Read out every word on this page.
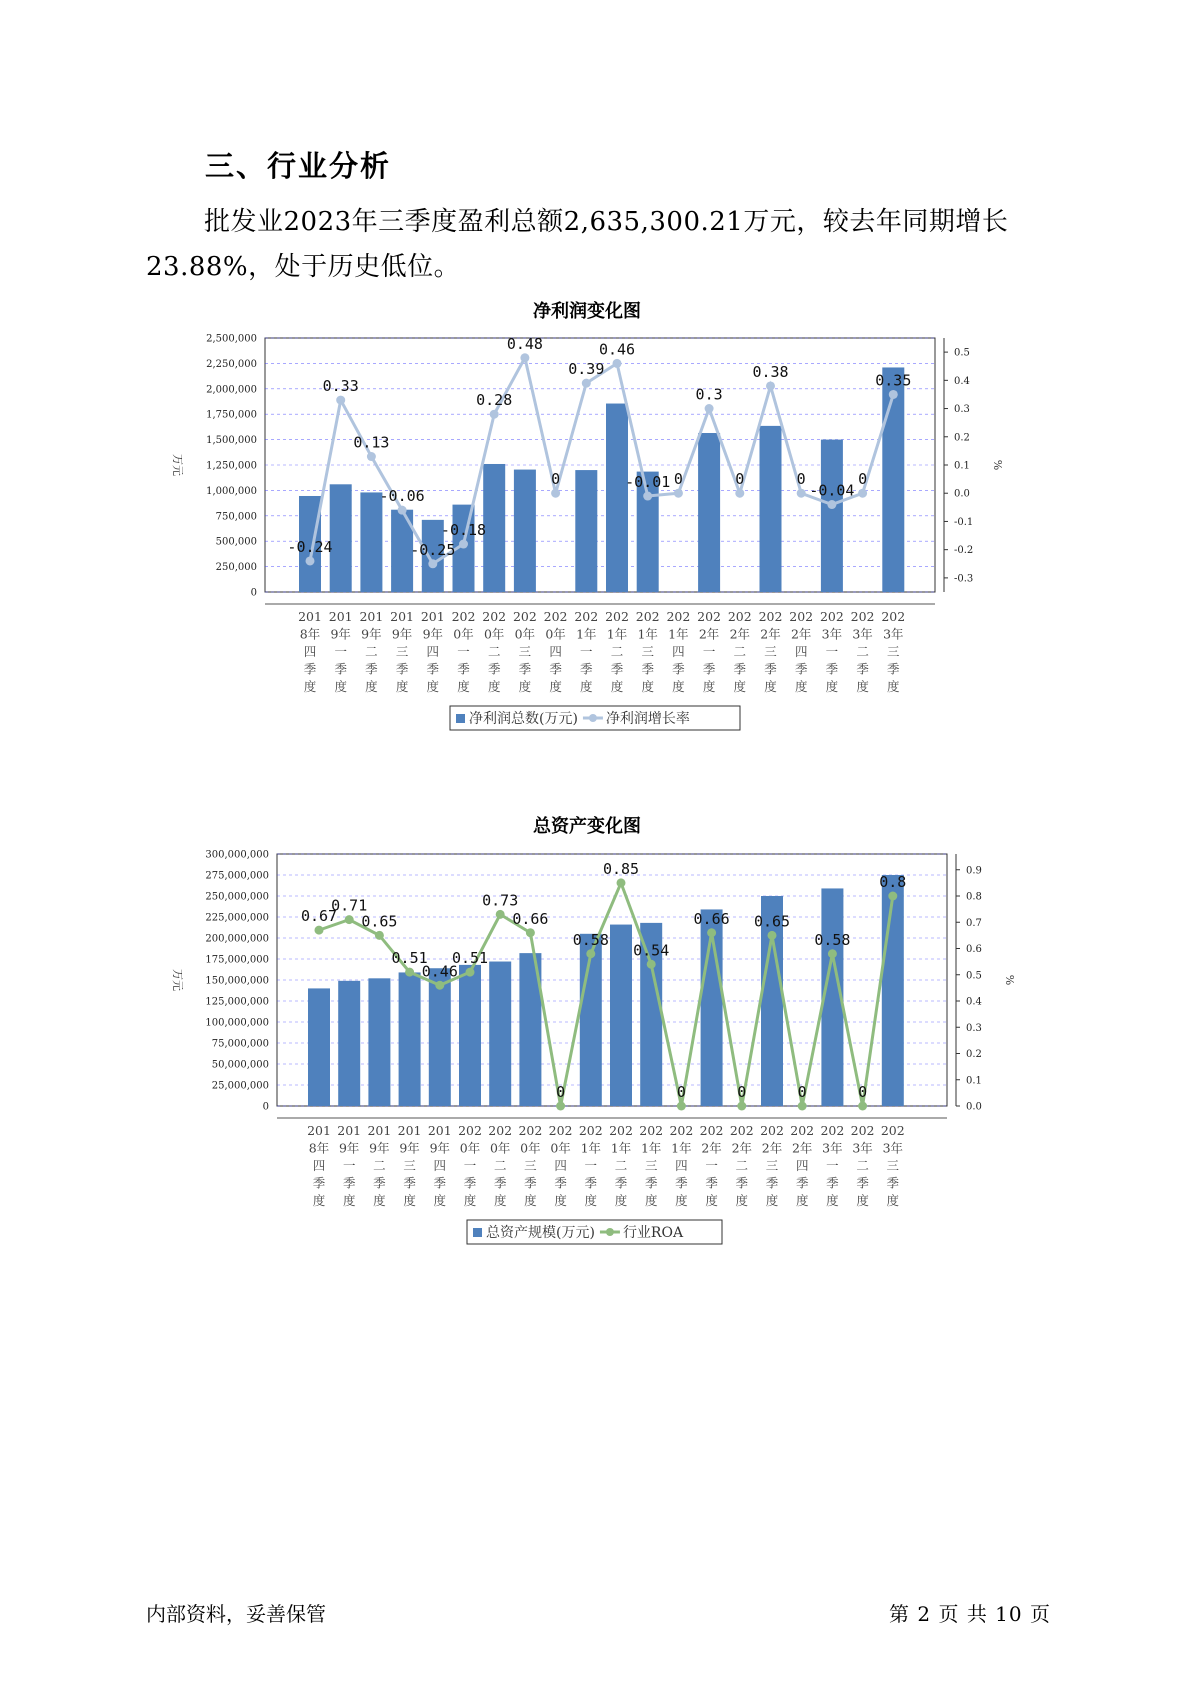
三、行业分析
批发业2023年三季度盈利总额2,635,300.21万元，较去年同期增长23.88%，处于历史低位。
净利润变化图
0
250,000
500,000
750,000
1,000,000
1,250,000
1,500,000
1,750,000
2,000,000
2,250,000
2,500,000
-0.3
-0.2
-0.1
0.0
0.1
0.2
0.3
0.4
0.5
万元	%
-0.24
0.33
0.13
-0.06
-0.25
-0.18
0.28
0.48
0
0.39
0.46
-0.01 0
0.3
0
0.38
0
-0.04
0
0.35
201
8年
四
季
度
201
9年
一
季
度
201
9年
二
季
度
201
9年
三
季
度
201
9年
四
季
度
202
0年
一
季
度
202
0年
二
季
度
202
0年
三
季
度
202
0年
四
季
度
202
1年
一
季
度
202
1年
二
季
度
202
1年
三
季
度
202
1年
四
季
度
202
2年
一
季
度
202
2年
二
季
度
202
2年
三
季
度
202
2年
四
季
度
202
3年
一
季
度
202
3年
二
季
度
202
3年
三
季
度
净利润总数(万元) 净利润增长率
总资产变化图
0
25,000,000
50,000,000
75,000,000
100,000,000
125,000,000
150,000,000
175,000,000
200,000,000
225,000,000
250,000,000
275,000,000
300,000,000
0.0
0.1
0.2
0.3
0.4
0.5
0.6
0.7
0.8
0.9
万元	%
0.67
0.71
0.65
0.51
0.46
0.51
0.73
0.66
0
0.58
0.85
0.54
0
0.66
0
0.65
0
0.58
0
0.8
201
8年
四
季
度
201
9年
一
季
度
201
9年
二
季
度
201
9年
三
季
度
201
9年
四
季
度
202
0年
一
季
度
202
0年
二
季
度
202
0年
三
季
度
202
0年
四
季
度
202
1年
一
季
度
202
1年
二
季
度
202
1年
三
季
度
202
1年
四
季
度
202
2年
一
季
度
202
2年
二
季
度
202
2年
三
季
度
202
2年
四
季
度
202
3年
一
季
度
202
3年
二
季
度
202
3年
三
季
度
总资产规模(万元) 行业ROA
内部资料，妥善保管	第 2 页 共 10 页
